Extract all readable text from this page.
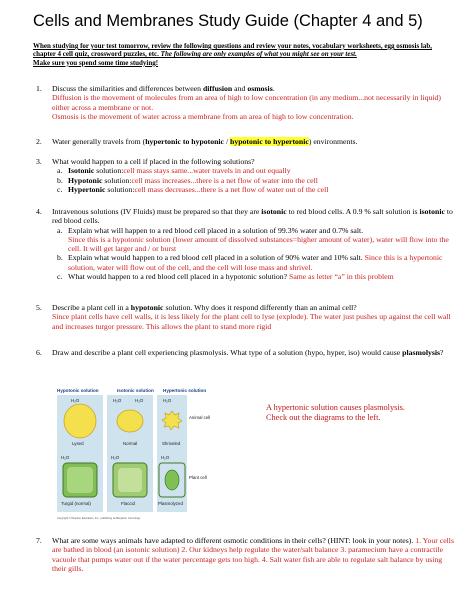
Cells and Membranes Study Guide (Chapter 4 and 5)
When studying for your test tomorrow, review the following questions and review your notes, vocabulary worksheets, egg osmosis lab, chapter 4 cell quiz, crossword puzzles, etc. The following are only examples of what you might see on your test.
Make sure you spend some time studying!
1.	Discuss the similarities and differences between diffusion and osmosis.
Diffusion is the movement of molecules from an area of high to low concentration (in any medium...not necessarily in liquid) either across a membrane or not.
Osmosis is the movement of water across a membrane from an area of high to low concentration.
2.	Water generally travels from (hypertonic to hypotonic / hypotonic to hypertonic) environments.
3.	What would happen to a cell if placed in the following solutions?
a. Isotonic solution:cell mass stays same...water travels in and out equally
b. Hypotonic solution:cell mass increases...there is a net flow of water into the cell
c. Hypertonic solution:cell mass decreases...there is a net flow of water out of the cell
4.	Intravenous solutions (IV Fluids) must be prepared so that they are isotonic to red blood cells. A 0.9 % salt solution is isotonic to red blood cells.
a. Explain what will happen to a red blood cell placed in a solution of 99.3% water and 0.7% salt.
Since this is a hypotonic solution (lower amount of dissolved substances=higher amount of water), water will flow into the cell. It will get larger and / or burst
b. Explain what would happen to a red blood cell placed in a solution of 90% water and 10% salt. Since this is a hypertonic solution, water will flow out of the cell, and the cell will lose mass and shrivel.
c. What would happen to a red blood cell placed in a hypotonic solution? Same as letter “a” in this problem
5.	Describe a plant cell in a hypotonic solution. Why does it respond differently than an animal cell?
Since plant cells have cell walls, it is less likely for the plant cell to lyse (explode). The water just pushes up against the cell wall and increases turgor pressure. This allows the plant to stand more rigid
6.	Draw and describe a plant cell experiencing plasmolysis. What type of a solution (hypo, hyper, iso) would cause plasmolysis?
Hypotonic solution	Isotonic solution Hypertonic solution
H₂O	H₂O	H₂O	H₂O
Animal cell
Lysed	Normal	Shriveled
H₂O	H₂O	H₂O
Plant cell
Turgid (normal)	Flaccid	Plasmolyzed
Copyright © Pearson Education, Inc., publishing as Benjamin Cummings
A hypertonic solution causes plasmolysis.
Check out the diagrams to the left.
7.	What are some ways animals have adapted to different osmotic conditions in their cells? (HINT: look in your notes). 1. Your cells are bathed in blood (an isotonic solution) 2. Our kidneys help regulate the water/salt balance 3. paramecium have a contractile vacuole that pumps water out if the water percentage gets too high. 4. Salt water fish are able to regulate salt balance by using their gills.
